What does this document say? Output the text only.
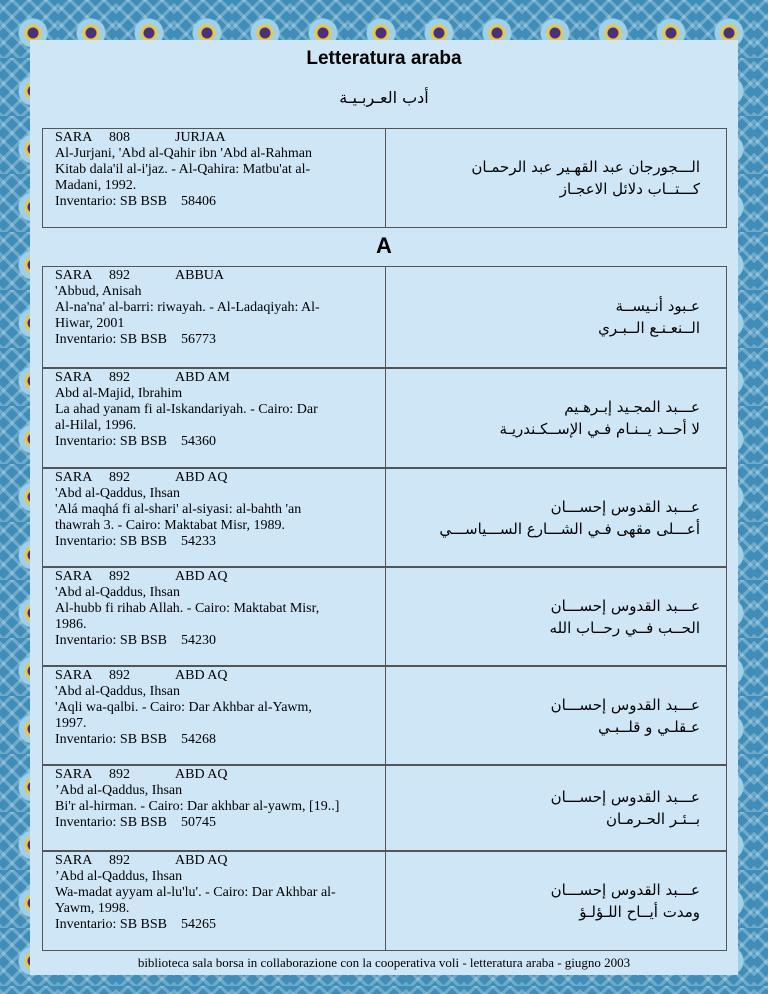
Letteratura araba
أدب العـربـيـة
A
SARA 808	JURJAA
Al-Jurjani, 'Abd al-Qahir ibn 'Abd al-Rahman
Kitab dala'il al-i'jaz. - Al-Qahira: Matbu'at al-
Madani, 1992.
Inventario: SB BSB 58406
الـــجورجان عبد القهـير عبد الرحمـان
كـــتــاب دلائل الاعجـاز
SARA 892	ABBUA
'Abbud, Anisah
Al-na'na' al-barri: riwayah. - Al-Ladaqiyah: Al-
Hiwar, 2001
Inventario: SB BSB 56773
عـبود أنـيســة
الــنعـنـع الــبـري
SARA 892	ABD AM
Abd al-Majid, Ibrahim
La ahad yanam fi al-Iskandariyah. - Cairo: Dar
al-Hilal, 1996.
Inventario: SB BSB 54360
عـــبد المجـيد إبـرهـيم
لا أحــد يــنـام فـي الإســكـندريـة
SARA 892	ABD AQ
'Abd al-Qaddus, Ihsan
'Alá maqhá fi al-shari' al-siyasi: al-bahth 'an
thawrah 3. - Cairo: Maktabat Misr, 1989.
Inventario: SB BSB 54233
عـــبد القدوس إحســـان
أعـــلى مقهى فـي الشـــارع الســـياســـي
SARA 892	ABD AQ
'Abd al-Qaddus, Ihsan
Al-hubb fi rihab Allah. - Cairo: Maktabat Misr,
1986.
Inventario: SB BSB 54230
عـــبد القدوس إحســـان
الحــب فــي رحــاب الله
SARA 892	ABD AQ
'Abd al-Qaddus, Ihsan
'Aqli wa-qalbi. - Cairo: Dar Akhbar al-Yawm,
1997.
Inventario: SB BSB 54268
عـــبد القدوس إحســـان
عـقلـي و قلــبـي
SARA 892	ABD AQ
’Abd al-Qaddus, Ihsan
Bi'r al-hirman. - Cairo: Dar akhbar al-yawm, [19..]
Inventario: SB BSB 50745
عـــبد القدوس إحســـان
بــئـر الحـرمـان
SARA 892	ABD AQ
’Abd al-Qaddus, Ihsan
Wa-madat ayyam al-lu'lu'. - Cairo: Dar Akhbar al-
Yawm, 1998.
Inventario: SB BSB 54265
عـــبد القدوس إحســـان
ومدت أيــاح اللـؤلـؤ
biblioteca sala borsa in collaborazione con la cooperativa voli - letteratura araba - giugno 2003
